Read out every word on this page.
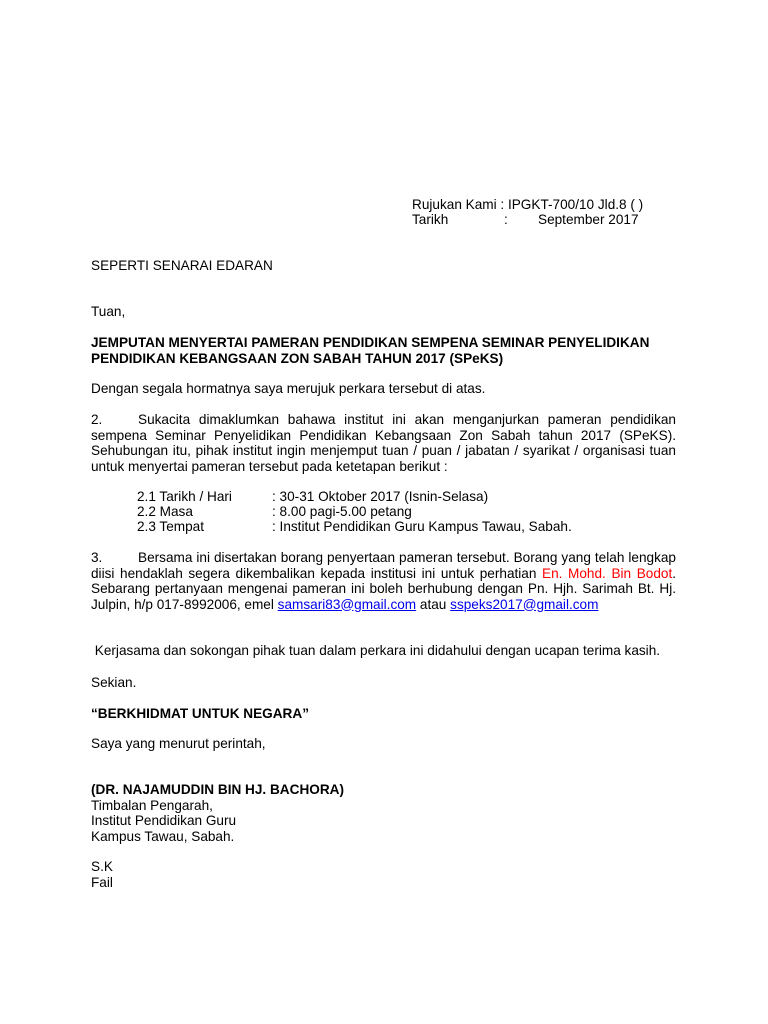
Rujukan Kami : IPGKT-700/10 Jld.8 ( )
Tarikh	: September 2017
SEPERTI SENARAI EDARAN
Tuan,
JEMPUTAN MENYERTAI PAMERAN PENDIDIKAN SEMPENA SEMINAR PENYELIDIKAN
PENDIDIKAN KEBANGSAAN ZON SABAH TAHUN 2017 (SPeKS)
Dengan segala hormatnya saya merujuk perkara tersebut di atas.
2.	Sukacita dimaklumkan bahawa institut ini akan menganjurkan pameran pendidikan sempena Seminar Penyelidikan Pendidikan Kebangsaan Zon Sabah tahun 2017 (SPeKS). Sehubungan itu, pihak institut ingin menjemput tuan / puan / jabatan / syarikat / organisasi tuan untuk menyertai pameran tersebut pada ketetapan berikut :
2.1 Tarikh / Hari	: 30-31 Oktober 2017 (Isnin-Selasa)
2.2 Masa	: 8.00 pagi-5.00 petang
2.3 Tempat	: Institut Pendidikan Guru Kampus Tawau, Sabah.
3.	Bersama ini disertakan borang penyertaan pameran tersebut. Borang yang telah lengkap diisi hendaklah segera dikembalikan kepada institusi ini untuk perhatian En. Mohd. Bin Bodot. Sebarang pertanyaan mengenai pameran ini boleh berhubung dengan Pn. Hjh. Sarimah Bt. Hj. Julpin, h/p 017-8992006, emel samsari83@gmail.com atau sspeks2017@gmail.com
Kerjasama dan sokongan pihak tuan dalam perkara ini didahului dengan ucapan terima kasih.
Sekian.
“BERKHIDMAT UNTUK NEGARA”
Saya yang menurut perintah,
(DR. NAJAMUDDIN BIN HJ. BACHORA)
Timbalan Pengarah,
Institut Pendidikan Guru
Kampus Tawau, Sabah.
S.K
Fail
